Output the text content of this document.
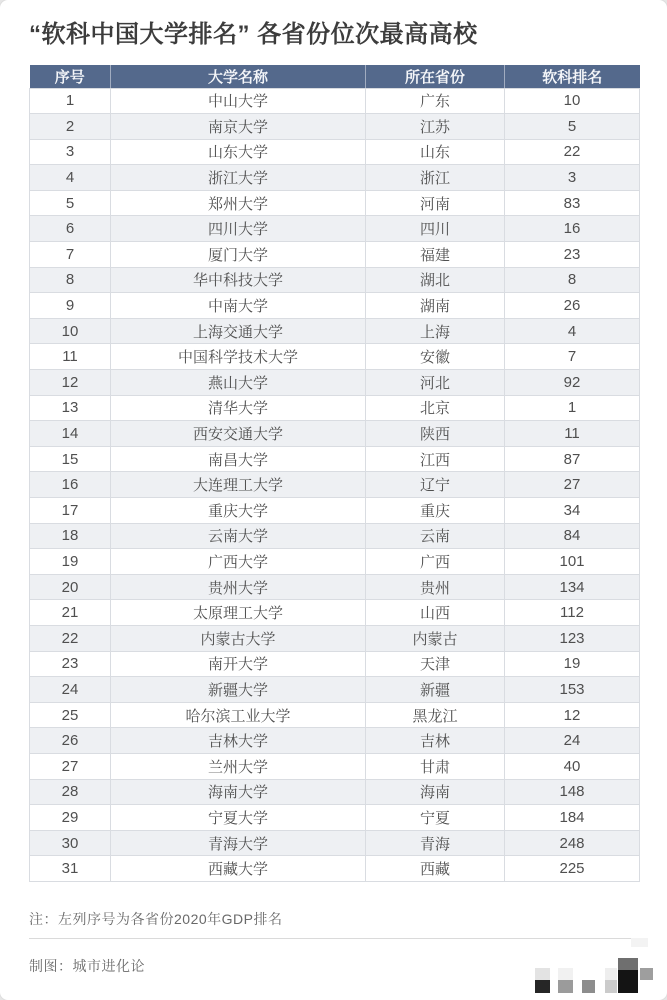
“软科中国大学排名” 各省份位次最高高校
序号	大学名称	所在省份	软科排名
1	中山大学	广东	10
2	南京大学	江苏	5
3	山东大学	山东	22
4	浙江大学	浙江	3
5	郑州大学	河南	83
6	四川大学	四川	16
7	厦门大学	福建	23
8	华中科技大学	湖北	8
9	中南大学	湖南	26
10	上海交通大学	上海	4
11	中国科学技术大学	安徽	7
12	燕山大学	河北	92
13	清华大学	北京	1
14	西安交通大学	陕西	11
15	南昌大学	江西	87
16	大连理工大学	辽宁	27
17	重庆大学	重庆	34
18	云南大学	云南	84
19	广西大学	广西	101
20	贵州大学	贵州	134
21	太原理工大学	山西	112
22	内蒙古大学	内蒙古	123
23	南开大学	天津	19
24	新疆大学	新疆	153
25	哈尔滨工业大学	黑龙江	12
26	吉林大学	吉林	24
27	兰州大学	甘肃	40
28	海南大学	海南	148
29	宁夏大学	宁夏	184
30	青海大学	青海	248
31	西藏大学	西藏	225

注：左列序号为各省份2020年GDP排名

制图：城市进化论
